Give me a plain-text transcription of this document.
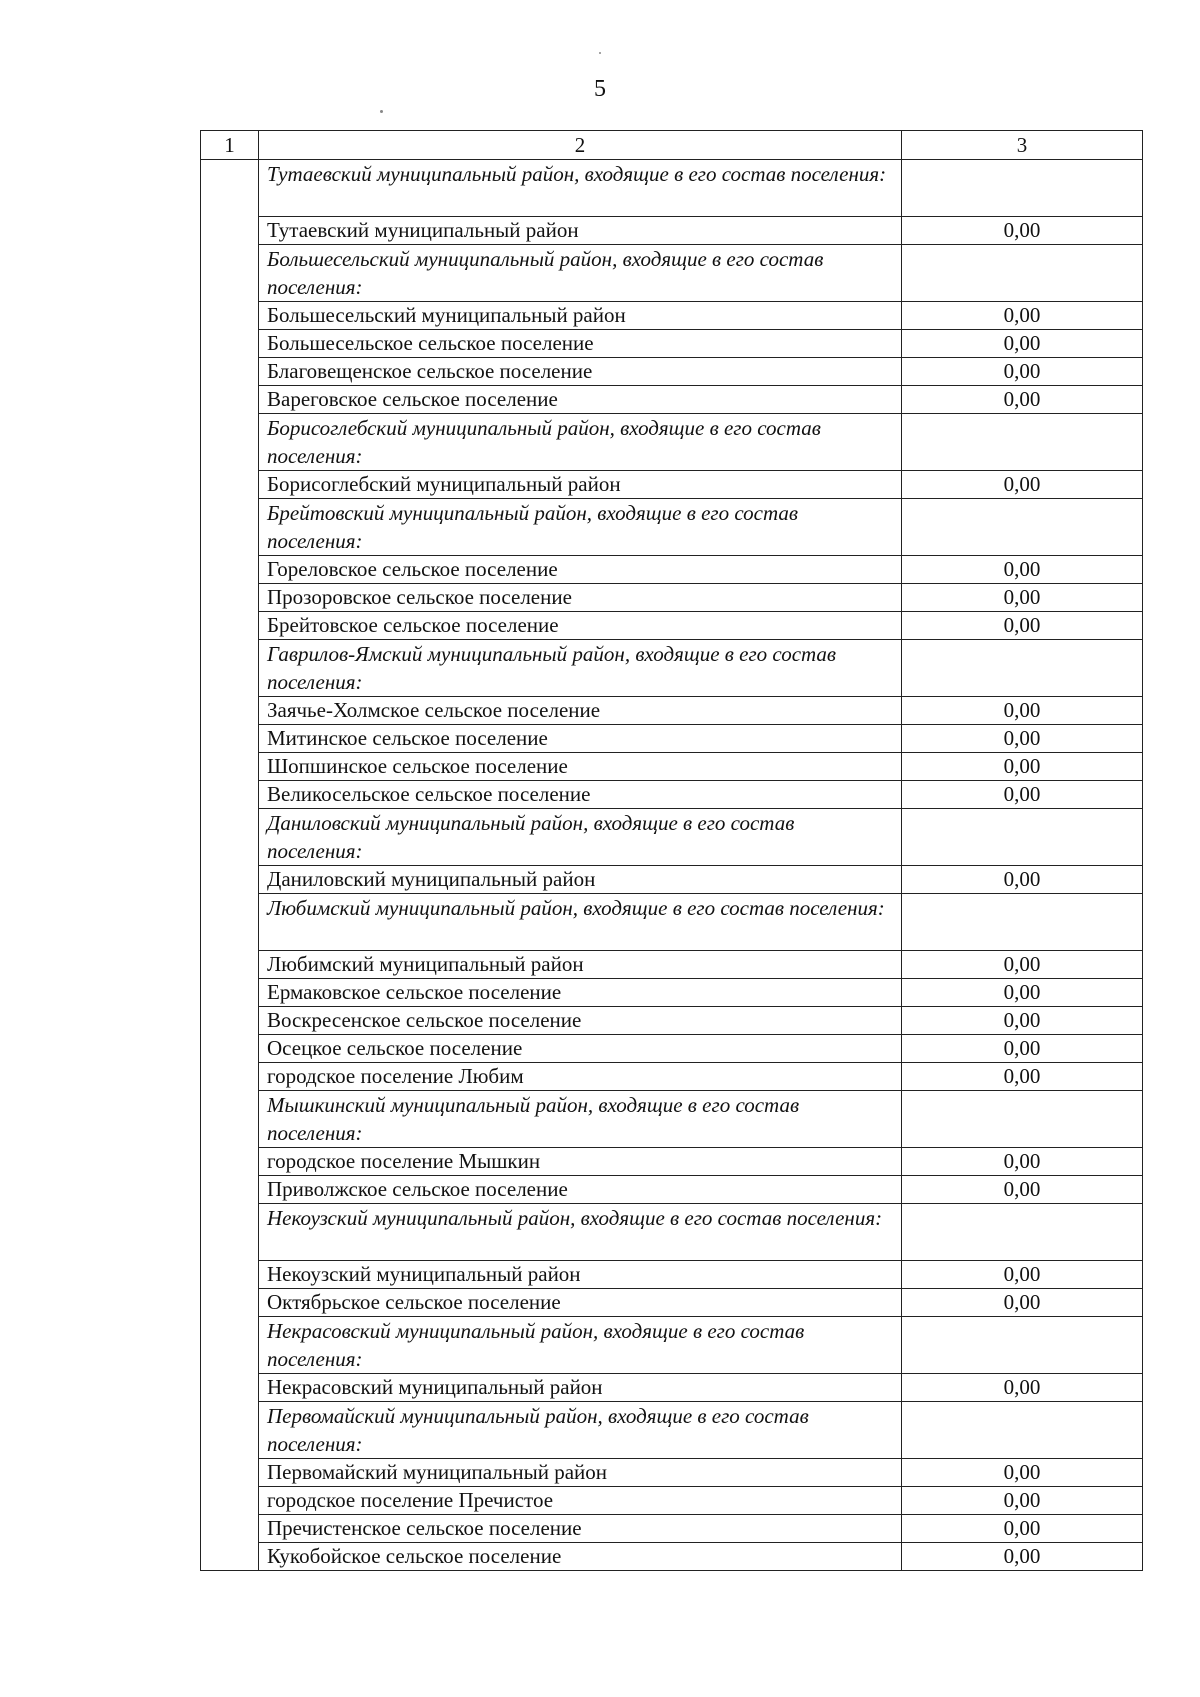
5
1	2	3
	Тутаевский муниципальный район, входящие в его состав поселения:	
	Тутаевский муниципальный район	0,00
	Большесельский муниципальный район, входящие в его состав поселения:	
	Большесельский муниципальный район	0,00
	Большесельское сельское поселение	0,00
	Благовещенское сельское поселение	0,00
	Вареговское сельское поселение	0,00
	Борисоглебский муниципальный район, входящие в его состав поселения:	
	Борисоглебский муниципальный район	0,00
	Брейтовский муниципальный район, входящие в его состав поселения:	
	Гореловское сельское поселение	0,00
	Прозоровское сельское поселение	0,00
	Брейтовское сельское поселение	0,00
	Гаврилов-Ямский муниципальный район, входящие в его состав поселения:	
	Заячье-Холмское сельское поселение	0,00
	Митинское сельское поселение	0,00
	Шопшинское сельское поселение	0,00
	Великосельское сельское поселение	0,00
	Даниловский муниципальный район, входящие в его состав поселения:	
	Даниловский муниципальный район	0,00
	Любимский муниципальный район, входящие в его состав поселения:	
	Любимский муниципальный район	0,00
	Ермаковское сельское поселение	0,00
	Воскресенское сельское поселение	0,00
	Осецкое сельское поселение	0,00
	городское поселение Любим	0,00
	Мышкинский муниципальный район, входящие в его состав поселения:	
	городское поселение Мышкин	0,00
	Приволжское сельское поселение	0,00
	Некоузский муниципальный район, входящие в его состав поселения:	
	Некоузский муниципальный район	0,00
	Октябрьское сельское поселение	0,00
	Некрасовский муниципальный район, входящие в его состав поселения:	
	Некрасовский муниципальный район	0,00
	Первомайский муниципальный район, входящие в его состав поселения:	
	Первомайский муниципальный район	0,00
	городское поселение Пречистое	0,00
	Пречистенское сельское поселение	0,00
	Кукобойское сельское поселение	0,00
